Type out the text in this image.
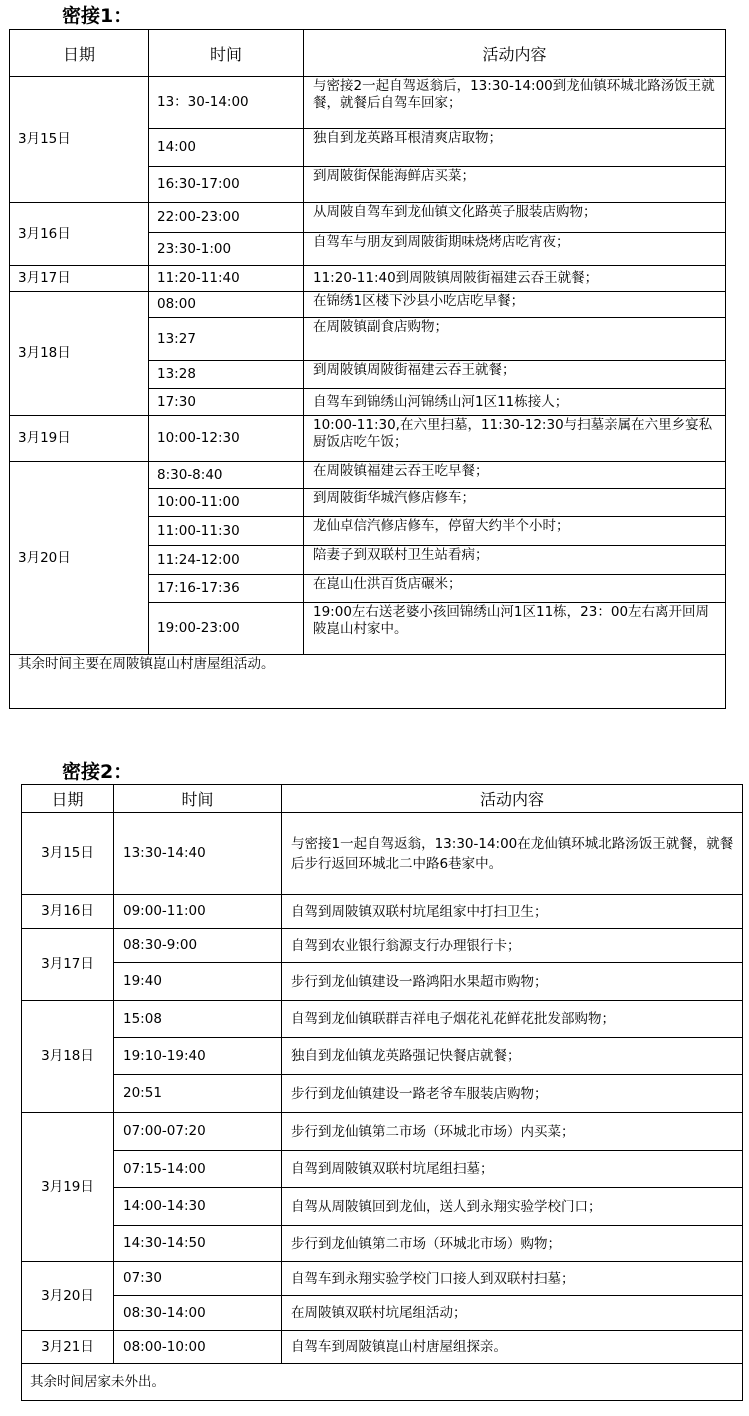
密接1：
日期	时间	活动内容
3月15日	13：30-14:00	与密接2一起自驾返翁后，13:30-14:00到龙仙镇环城北路汤饭王就餐，就餐后自驾车回家；
	14:00	独自到龙英路耳根清爽店取物；
	16:30-17:00	到周陂街保能海鲜店买菜；
3月16日	22:00-23:00	从周陂自驾车到龙仙镇文化路英子服装店购物；
	23:30-1:00	自驾车与朋友到周陂街期味烧烤店吃宵夜；
3月17日	11:20-11:40	11:20-11:40到周陂镇周陂街福建云吞王就餐；
3月18日	08:00	在锦绣1区楼下沙县小吃店吃早餐；
	13:27	在周陂镇副食店购物；
	13:28	到周陂镇周陂街福建云吞王就餐；
	17:30	自驾车到锦绣山河锦绣山河1区11栋接人；
3月19日	10:00-12:30	10:00-11:30,在六里扫墓，11:30-12:30与扫墓亲属在六里乡宴私厨饭店吃午饭；
3月20日	8:30-8:40	在周陂镇福建云吞王吃早餐；
	10:00-11:00	到周陂街华城汽修店修车；
	11:00-11:30	龙仙卓信汽修店修车，停留大约半个小时；
	11:24-12:00	陪妻子到双联村卫生站看病；
	17:16-17:36	在崑山仕洪百货店碾米；
	19:00-23:00	19:00左右送老婆小孩回锦绣山河1区11栋，23：00左右离开回周陂崑山村家中。
其余时间主要在周陂镇崑山村唐屋组活动。		
密接2：
日期	时间	活动内容
3月15日	13:30-14:40	与密接1一起自驾返翁，13:30-14:00在龙仙镇环城北路汤饭王就餐，就餐后步行返回环城北二中路6巷家中。
3月16日	09:00-11:00	自驾到周陂镇双联村坑尾组家中打扫卫生；
3月17日	08:30-9:00	自驾到农业银行翁源支行办理银行卡；
	19:40	步行到龙仙镇建设一路鸿阳水果超市购物；
3月18日	15:08	自驾到龙仙镇联群吉祥电子烟花礼花鲜花批发部购物；
	19:10-19:40	独自到龙仙镇龙英路强记快餐店就餐；
	20:51	步行到龙仙镇建设一路老爷车服装店购物；
3月19日	07:00-07:20	步行到龙仙镇第二市场（环城北市场）内买菜；
	07:15-14:00	自驾到周陂镇双联村坑尾组扫墓；
	14:00-14:30	自驾从周陂镇回到龙仙，送人到永翔实验学校门口；
	14:30-14:50	步行到龙仙镇第二市场（环城北市场）购物；
3月20日	07:30	自驾车到永翔实验学校门口接人到双联村扫墓；
	08:30-14:00	在周陂镇双联村坑尾组活动；
3月21日	08:00-10:00	自驾车到周陂镇崑山村唐屋组探亲。
其余时间居家未外出。		
